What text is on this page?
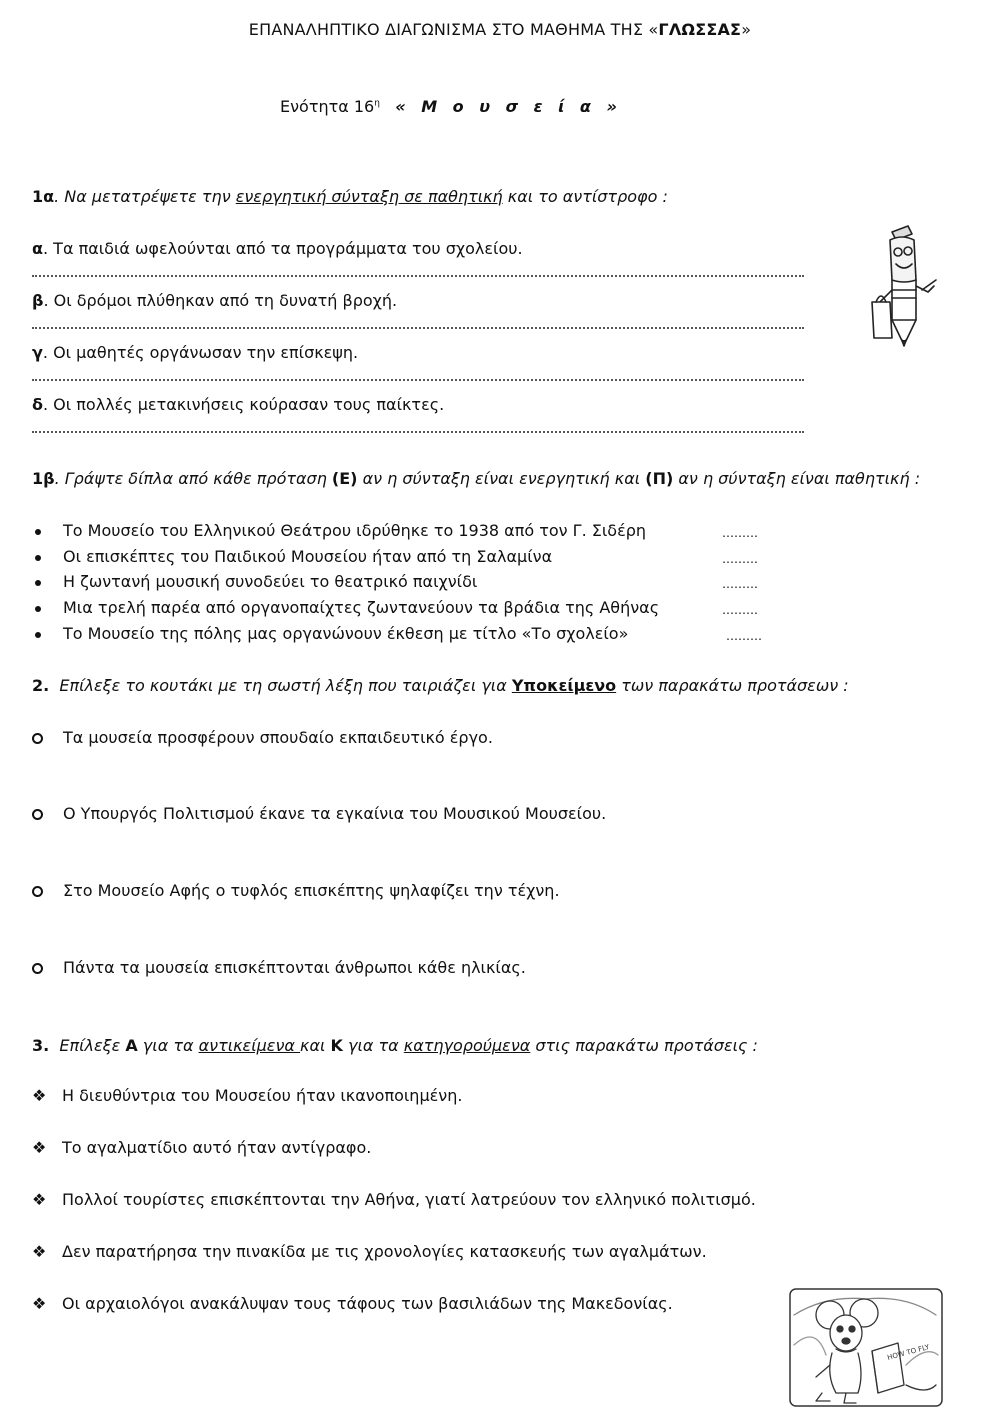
ΕΠΑΝΑΛΗΠΤΙΚΟ ΔΙΑΓΩΝΙΣΜΑ ΣΤΟ ΜΑΘΗΜΑ ΤΗΣ «ΓΛΩΣΣΑΣ»
Ενότητα $16^\eta$ « Μ ο υ σ ε ί α »
1α. Να μετατρέψετε την ενεργητική σύνταξη σε παθητική και το αντίστροφο :
α. Τα παιδιά ωφελούνται από τα προγράμματα του σχολείου.
β. Οι δρόμοι πλύθηκαν από τη δυνατή βροχή.
γ. Οι μαθητές οργάνωσαν την επίσκεψη.
δ. Οι πολλές μετακινήσεις κούρασαν τους παίκτες.
1β. Γράψτε δίπλα από κάθε πρόταση (Ε) αν η σύνταξη είναι ενεργητική και (Π) αν η σύνταξη είναι παθητική :
Το Μουσείο του Ελληνικού Θεάτρου ιδρύθηκε το 1938 από τον Γ. Σιδέρη	………
Οι επισκέπτες του Παιδικού Μουσείου ήταν από τη Σαλαμίνα	………
Η ζωντανή μουσική συνοδεύει το θεατρικό παιχνίδι	………
Μια τρελή παρέα από οργανοπαίχτες ζωντανεύουν τα βράδια της Αθήνας	………
Το Μουσείο της πόλης μας οργανώνουν έκθεση με τίτλο «Το σχολείο»	………
2. Επίλεξε το κουτάκι με τη σωστή λέξη που ταιριάζει για Υποκείμενο των παρακάτω προτάσεων :
Τα μουσεία προσφέρουν σπουδαίο εκπαιδευτικό έργο.
Ο Υπουργός Πολιτισμού έκανε τα εγκαίνια του Μουσικού Μουσείου.
Στο Μουσείο Αφής ο τυφλός επισκέπτης ψηλαφίζει την τέχνη.
Πάντα τα μουσεία επισκέπτονται άνθρωποι κάθε ηλικίας.
3. Επίλεξε Α για τα αντικείμενα και Κ για τα κατηγορούμενα στις παρακάτω προτάσεις :
❖ Η διευθύντρια του Μουσείου ήταν ικανοποιημένη.
❖ Το αγαλματίδιο αυτό ήταν αντίγραφο.
❖ Πολλοί τουρίστες επισκέπτονται την Αθήνα, γιατί λατρεύουν τον ελληνικό πολιτισμό.
❖ Δεν παρατήρησα την πινακίδα με τις χρονολογίες κατασκευής των αγαλμάτων.
❖ Οι αρχαιολόγοι ανακάλυψαν τους τάφους των βασιλιάδων της Μακεδονίας.
HOW TO FLY
